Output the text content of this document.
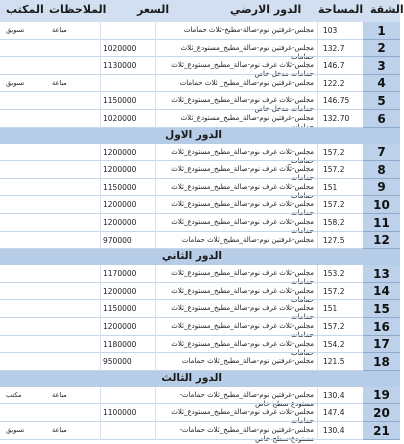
الشقة
المساحة
الدور الارضي
السعر
الملاحظات
المكتب
1
103
مجلس-غرفتين نوم-صالة-مطبخ-ثلاث حمامات
مباعة
تسويق
2
132.7
مجلس-غرفتين نوم-صالة_مطبخ_مستودع_ثلاث
1020000
3
146.7
مجلس-ثلاث غرف نوم-صالة_مطبخ_مستودع_ثلاث
1130000
4
122.2
مجلس-غرفتين نوم-صالة_مطبخ_ ثلاث حمامات
مباعة
تسويق
5
146.75
مجلس-ثلاث غرف نوم-صالة_مطبخ_مستودع_ثلاث
1150000
6
132.70
مجلس-غرفتين نوم-صالة_مطبخ_مستودع_ثلاث
1020000
الدور الاول
7
157.2
مجلس-ثلاث غرف نوم-صالة_مطبخ_مستودع_ثلاث
1200000
8
157.2
مجلس-ثلاث غرف نوم-صالة_مطبخ_مستودع_ثلاث
1200000
9
151
مجلس-ثلاث غرف نوم-صالة_مطبخ_مستودع_ثلاث
1150000
10
157.2
مجلس-ثلاث غرف نوم-صالة_مطبخ_مستودع_ثلاث
1200000
11
158.2
مجلس-ثلاث غرف نوم-صالة_مطبخ_مستودع_ثلاث
1200000
12
127.5
مجلس-غرفتين نوم-صالة_مطبخ_ثلاث حمامات
970000
الدور الثاني
13
153.2
مجلس-ثلاث غرف نوم-صالة_مطبخ_مستودع_ثلاث
1170000
14
157.2
مجلس-ثلاث غرف نوم-صالة_مطبخ_مستودع_ثلاث
1200000
15
151
مجلس-ثلاث غرف نوم-صالة_مطبخ_مستودع_ثلاث
1150000
16
157.2
مجلس-ثلاث غرف نوم-صالة_مطبخ_مستودع_ثلاث
1200000
17
154.2
مجلس-ثلاث غرف نوم-صالة_مطبخ_مستودع_ثلاث
1180000
18
121.5
مجلس-غرفتين نوم-صالة_مطبخ_ثلاث حمامات
950000
الدور الثالث
19
130.4
مجلس-غرفتين نوم-صالة_مطبخ_ثلاث حمامات-
مباعة
مكتب
20
147.4
مجلس-ثلاث غرف نوم-صالة_مطبخ_مستودع_ثلاث
1100000
21
130.4
مجلس-غرفتين نوم-صالة_مطبخ_ثلاث حمامات-
مباعة
تسويق
